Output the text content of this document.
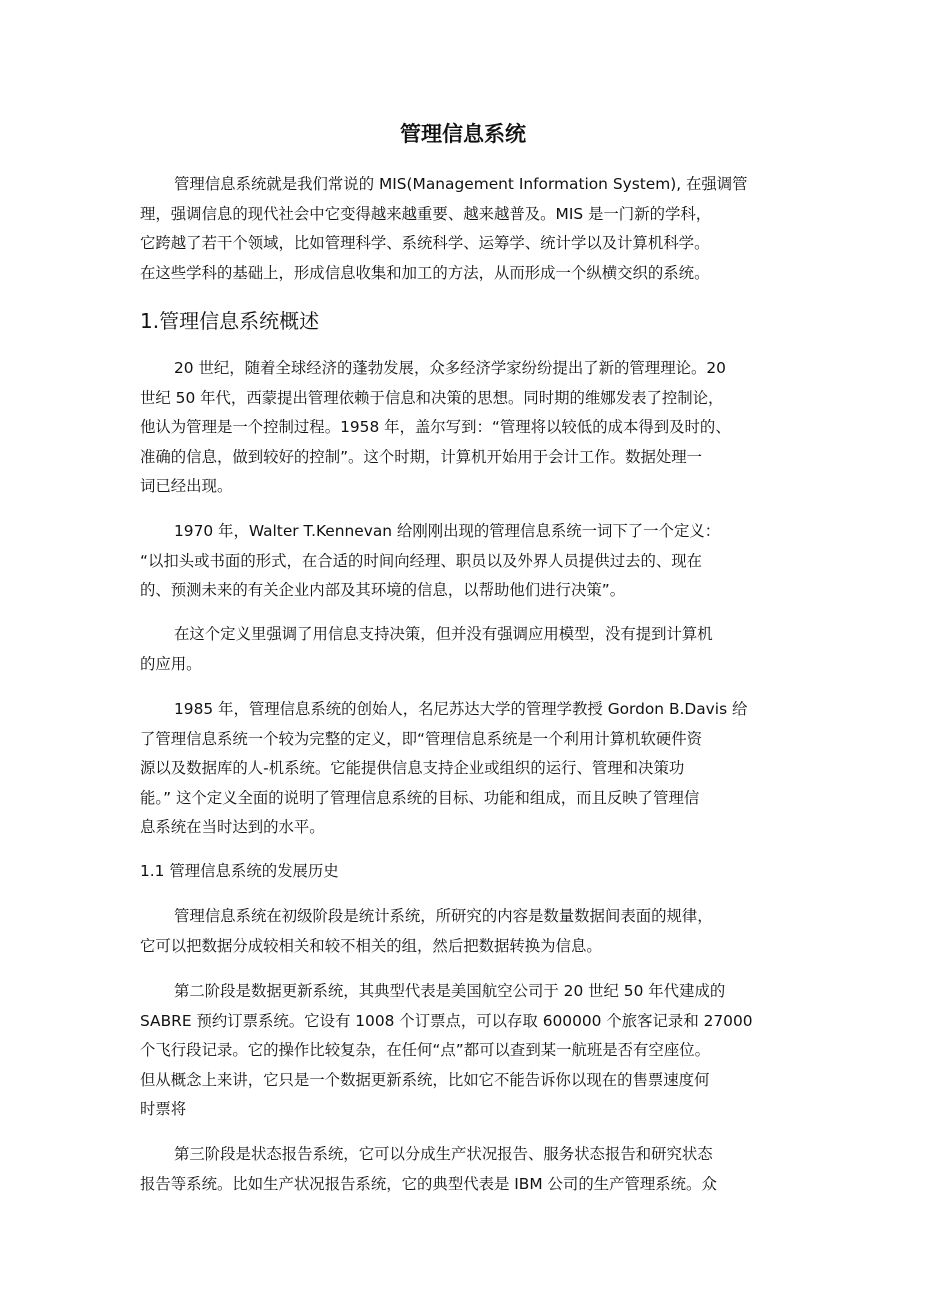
管理信息系统

管理信息系统就是我们常说的 MIS(Management Information System), 在强调管
理，强调信息的现代社会中它变得越来越重要、越来越普及。MIS 是一门新的学科，
它跨越了若干个领域，比如管理科学、系统科学、运筹学、统计学以及计算机科学。
在这些学科的基础上，形成信息收集和加工的方法，从而形成一个纵横交织的系统。

1.管理信息系统概述

20 世纪，随着全球经济的蓬勃发展，众多经济学家纷纷提出了新的管理理论。20
世纪 50 年代，西蒙提出管理依赖于信息和决策的思想。同时期的维娜发表了控制论，
他认为管理是一个控制过程。1958 年，盖尔写到：“管理将以较低的成本得到及时的、
准确的信息，做到较好的控制”。这个时期，计算机开始用于会计工作。数据处理一
词已经出现。

1970 年，Walter T.Kennevan 给刚刚出现的管理信息系统一词下了一个定义：
“以扣头或书面的形式，在合适的时间向经理、职员以及外界人员提供过去的、现在
的、预测未来的有关企业内部及其环境的信息，以帮助他们进行决策”。

在这个定义里强调了用信息支持决策，但并没有强调应用模型，没有提到计算机
的应用。

1985 年，管理信息系统的创始人，名尼苏达大学的管理学教授 Gordon B.Davis 给
了管理信息系统一个较为完整的定义，即“管理信息系统是一个利用计算机软硬件资
源以及数据库的人-机系统。它能提供信息支持企业或组织的运行、管理和决策功
能。” 这个定义全面的说明了管理信息系统的目标、功能和组成，而且反映了管理信
息系统在当时达到的水平。

1.1 管理信息系统的发展历史

管理信息系统在初级阶段是统计系统，所研究的内容是数量数据间表面的规律，
它可以把数据分成较相关和较不相关的组，然后把数据转换为信息。

第二阶段是数据更新系统，其典型代表是美国航空公司于 20 世纪 50 年代建成的
SABRE 预约订票系统。它设有 1008 个订票点，可以存取 600000 个旅客记录和 27000
个飞行段记录。它的操作比较复杂，在任何“点”都可以查到某一航班是否有空座位。
但从概念上来讲，它只是一个数据更新系统，比如它不能告诉你以现在的售票速度何
时票将

第三阶段是状态报告系统，它可以分成生产状况报告、服务状态报告和研究状态
报告等系统。比如生产状况报告系统，它的典型代表是 IBM 公司的生产管理系统。众
